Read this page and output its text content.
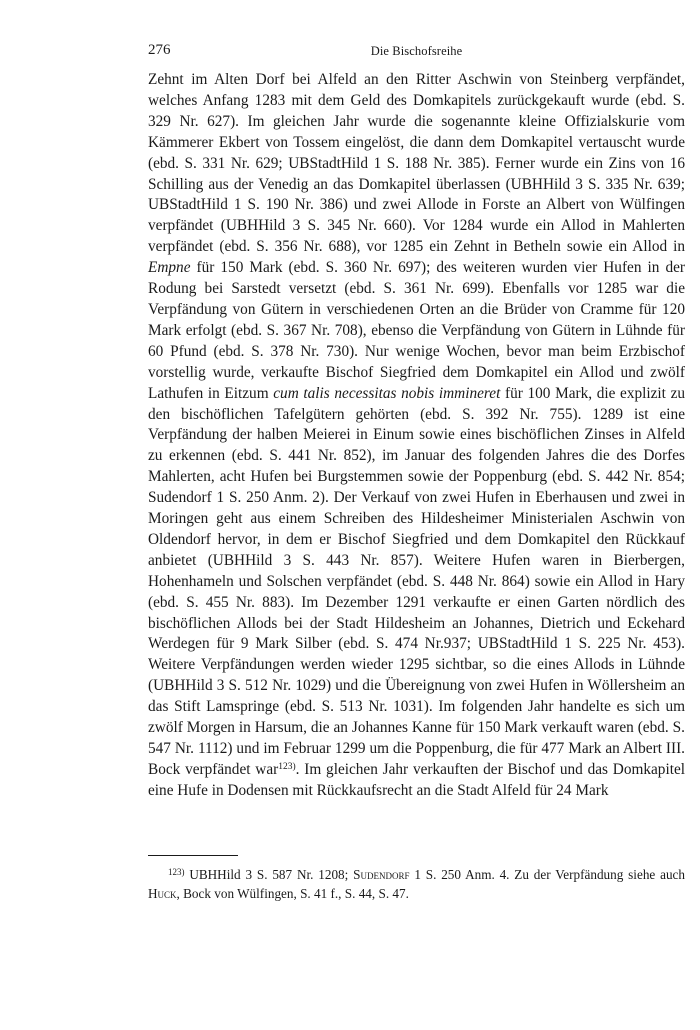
276	Die Bischofsreihe

Zehnt im Alten Dorf bei Alfeld an den Ritter Aschwin von Steinberg verpfändet, welches Anfang 1283 mit dem Geld des Domkapitels zurückgekauft wurde (ebd. S. 329 Nr. 627). Im gleichen Jahr wurde die sogenannte kleine Offizialskurie vom Kämmerer Ekbert von Tossem eingelöst, die dann dem Domkapitel vertauscht wurde (ebd. S. 331 Nr. 629; UBStadtHild 1 S. 188 Nr. 385). Ferner wurde ein Zins von 16 Schilling aus der Venedig an das Domkapitel überlassen (UBHHild 3 S. 335 Nr. 639; UBStadtHild 1 S. 190 Nr. 386) und zwei Allode in Forste an Albert von Wülfingen verpfändet (UBHHild 3 S. 345 Nr. 660). Vor 1284 wurde ein Allod in Mahlerten verpfändet (ebd. S. 356 Nr. 688), vor 1285 ein Zehnt in Betheln sowie ein Allod in Empne für 150 Mark (ebd. S. 360 Nr. 697); des weiteren wurden vier Hufen in der Rodung bei Sarstedt versetzt (ebd. S. 361 Nr. 699). Ebenfalls vor 1285 war die Verpfändung von Gütern in verschiedenen Orten an die Brüder von Cramme für 120 Mark erfolgt (ebd. S. 367 Nr. 708), ebenso die Verpfändung von Gütern in Lühnde für 60 Pfund (ebd. S. 378 Nr. 730). Nur wenige Wochen, bevor man beim Erzbischof vorstellig wurde, verkaufte Bischof Siegfried dem Domkapitel ein Allod und zwölf Lathufen in Eitzum cum talis necessitas nobis immineret für 100 Mark, die explizit zu den bischöflichen Tafelgütern gehörten (ebd. S. 392 Nr. 755). 1289 ist eine Verpfändung der halben Meierei in Einum sowie eines bischöflichen Zinses in Alfeld zu erkennen (ebd. S. 441 Nr. 852), im Januar des folgenden Jahres die des Dorfes Mahlerten, acht Hufen bei Burgstemmen sowie der Poppenburg (ebd. S. 442 Nr. 854; Sudendorf 1 S. 250 Anm. 2). Der Verkauf von zwei Hufen in Eberhausen und zwei in Moringen geht aus einem Schreiben des Hildesheimer Ministerialen Aschwin von Oldendorf hervor, in dem er Bischof Siegfried und dem Domkapitel den Rückkauf anbietet (UBHHild 3 S. 443 Nr. 857). Weitere Hufen waren in Bierbergen, Hohenhameln und Solschen verpfändet (ebd. S. 448 Nr. 864) sowie ein Allod in Hary (ebd. S. 455 Nr. 883). Im Dezember 1291 verkaufte er einen Garten nördlich des bischöflichen Allods bei der Stadt Hildesheim an Johannes, Dietrich und Eckehard Werdegen für 9 Mark Silber (ebd. S. 474 Nr.937; UBStadtHild 1 S. 225 Nr. 453). Weitere Verpfändungen werden wieder 1295 sichtbar, so die eines Allods in Lühnde (UBHHild 3 S. 512 Nr. 1029) und die Übereignung von zwei Hufen in Wöllersheim an das Stift Lamspringe (ebd. S. 513 Nr. 1031). Im folgenden Jahr handelte es sich um zwölf Morgen in Harsum, die an Johannes Kanne für 150 Mark verkauft waren (ebd. S. 547 Nr. 1112) und im Februar 1299 um die Poppenburg, die für 477 Mark an Albert III. Bock verpfändet war$^{123)}$. Im gleichen Jahr verkauften der Bischof und das Domkapitel eine Hufe in Dodensen mit Rückkaufsrecht an die Stadt Alfeld für 24 Mark

$^{123)}$ UBHHild 3 S. 587 Nr. 1208; Sudendorf 1 S. 250 Anm. 4. Zu der Verpfändung siehe auch Huck, Bock von Wülfingen, S. 41 f., S. 44, S. 47.
